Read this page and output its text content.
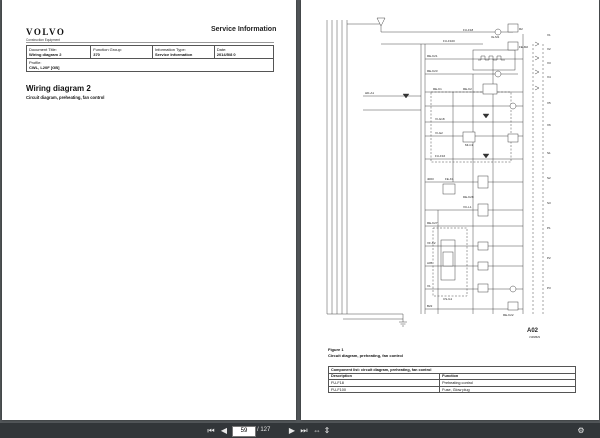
VOLVO
Construction Equipment
Service Information
Document Title:
Wiring diagram 2

Function Group:
370

Information Type:
Service Information

Date:
2014/5/8 0

Profile:
CWL, L20F [GB]
Wiring diagram 2
Circuit diagram, preheating, fan control
FU-F18
FU-F100
RE-K21
RE-K23
IG-M1
R2
RE-K1	RE-K2
FE-M2
HD-A1
VI-G18
VI-G2
MI-C1
FU-F16
FE-K1
DE-K28
VC-L1
4003
RE-K27
VF-K2
A05
X1
B22
CS-G1
RE-K22
X1
X2
X3
X4
X5
X6
S1
S2
S3
P1
P2
P3
A02
V1068629
Figure 1
Circuit diagram, preheating, fan control
Component list: circuit diagram, preheating, fan control	
Description	Function
FU-F18	Preheating control
FU-F100	Fuse, Glow plug
⏮ ◀
59	/ 127 ▶ ⏭ ⇔ ⇕	⚙
